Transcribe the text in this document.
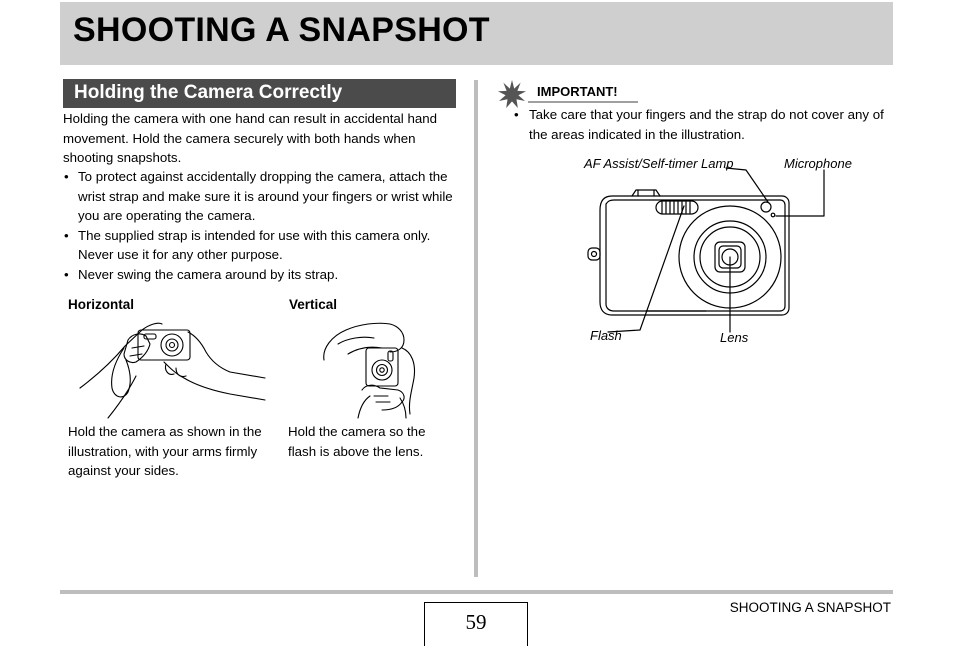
SHOOTING A SNAPSHOT
Holding the Camera Correctly
Holding the camera with one hand can result in accidental hand movement. Hold the camera securely with both hands when shooting snapshots.
• To protect against accidentally dropping the camera, attach the wrist strap and make sure it is around your fingers or wrist while you are operating the camera.
• The supplied strap is intended for use with this camera only. Never use it for any other purpose.
• Never swing the camera around by its strap.
Horizontal	Vertical
Hold the camera as shown in the illustration, with your arms firmly against your sides.
Hold the camera so the flash is above the lens.
IMPORTANT!
• Take care that your fingers and the strap do not cover any of the areas indicated in the illustration.
AF Assist/Self-timer Lamp	Microphone
Flash	Lens
59
SHOOTING A SNAPSHOT
